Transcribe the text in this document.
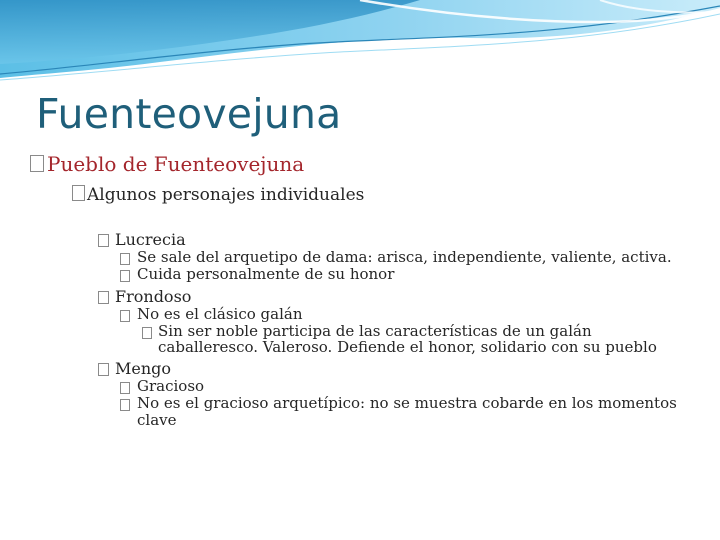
Fuenteovejuna
Pueblo de Fuenteovejuna
Algunos personajes individuales
Lucrecia
Se sale del arquetipo de dama: arisca, independiente, valiente, activa.
Cuida personalmente de su honor
Frondoso
No es el clásico galán
Sin ser noble participa de las características de un galán caballeresco. Valeroso. Defiende el honor, solidario con su pueblo
Mengo
Gracioso
No es el gracioso arquetípico: no se muestra cobarde en los momentos clave
